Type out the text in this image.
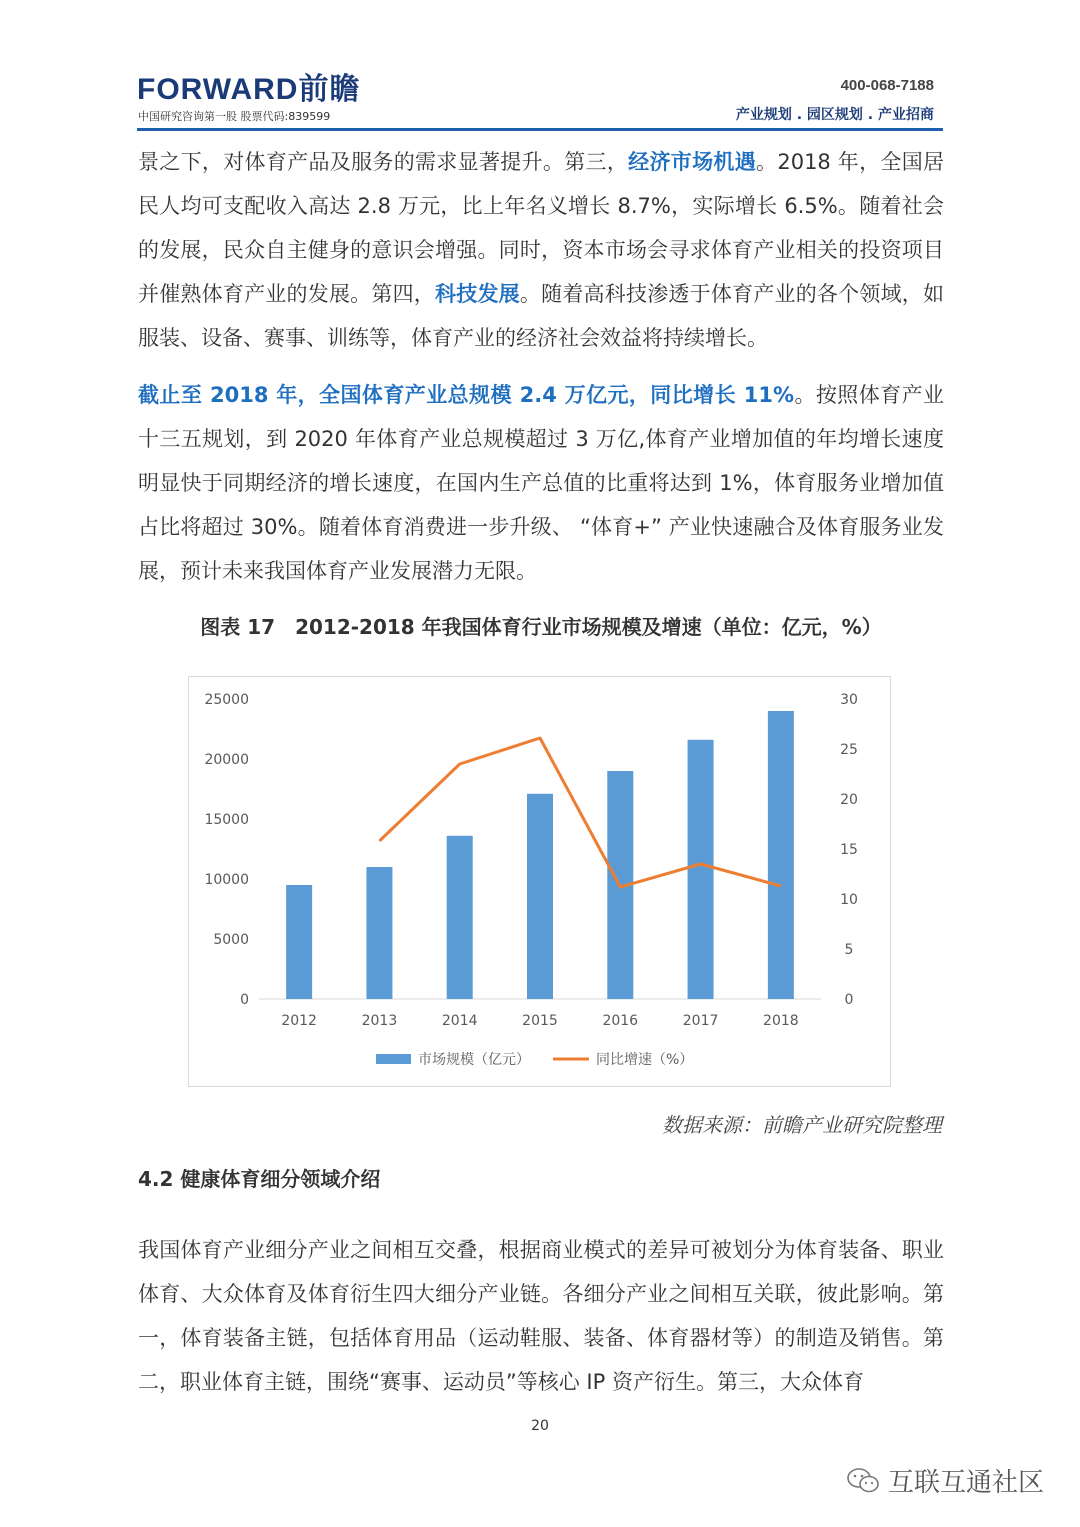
FORWARD前瞻
中国研究咨询第一股 股票代码:839599
400-068-7188
产业规划 . 园区规划 . 产业招商
景之下，对体育产品及服务的需求显著提升。第三，经济市场机遇。2018 年，全国居民人均可支配收入高达 2.8 万元，比上年名义增长 8.7%，实际增长 6.5%。随着社会的发展，民众自主健身的意识会增强。同时，资本市场会寻求体育产业相关的投资项目并催熟体育产业的发展。第四，科技发展。随着高科技渗透于体育产业的各个领域，如服装、设备、赛事、训练等，体育产业的经济社会效益将持续增长。
截止至 2018 年，全国体育产业总规模 2.4 万亿元，同比增长 11%。按照体育产业十三五规划，到 2020 年体育产业总规模超过 3 万亿,体育产业增加值的年均增长速度明显快于同期经济的增长速度，在国内生产总值的比重将达到 1%，体育服务业增加值占比将超过 30%。随着体育消费进一步升级、 “体育+” 产业快速融合及体育服务业发展，预计未来我国体育产业发展潜力无限。
图表 17　2012-2018 年我国体育行业市场规模及增速（单位：亿元，%）
0
5000
10000
15000
20000
25000
0
5
10
15
20
25
30
2012	2013	2014	2015	2016	2017	2018
市场规模（亿元）	同比增速（%）
数据来源：前瞻产业研究院整理
4.2 健康体育细分领域介绍
我国体育产业细分产业之间相互交叠，根据商业模式的差异可被划分为体育装备、职业体育、大众体育及体育衍生四大细分产业链。各细分产业之间相互关联，彼此影响。第一，体育装备主链，包括体育用品（运动鞋服、装备、体育器材等）的制造及销售。第二，职业体育主链，围绕“赛事、运动员”等核心 IP 资产衍生。第三，大众体育
20
互联互通社区
